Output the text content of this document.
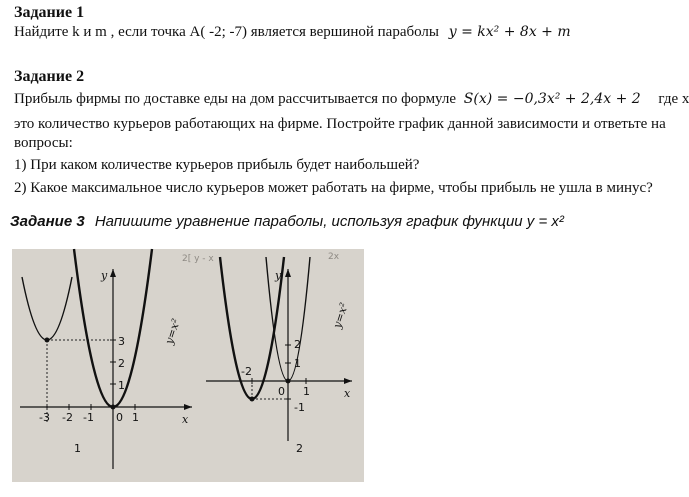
Задание 1
Найдите k и m , если точка A( -2; -7) является вершиной параболы y = kx² + 8x + m
Задание 2
Прибыль фирмы по доставке еды на дом рассчитывается по формуле S(x) = −0,3x² + 2,4x + 2 где x
это количество курьеров работающих на фирме. Постройте график данной зависимости и ответьте на
вопросы:
1) При каком количестве курьеров прибыль будет наибольшей?
2) Какое максимальное число курьеров может работать на фирме, чтобы прибыль не ушла в минус?
Задание 3 Напишите уравнение параболы, используя график функции y = x²
2[ y - x	2x
y
x
y=x²
3
2
1
-3 -2 -1 0 1
1
y
x
y=x²
2
1
-1
-2
0 1
2
